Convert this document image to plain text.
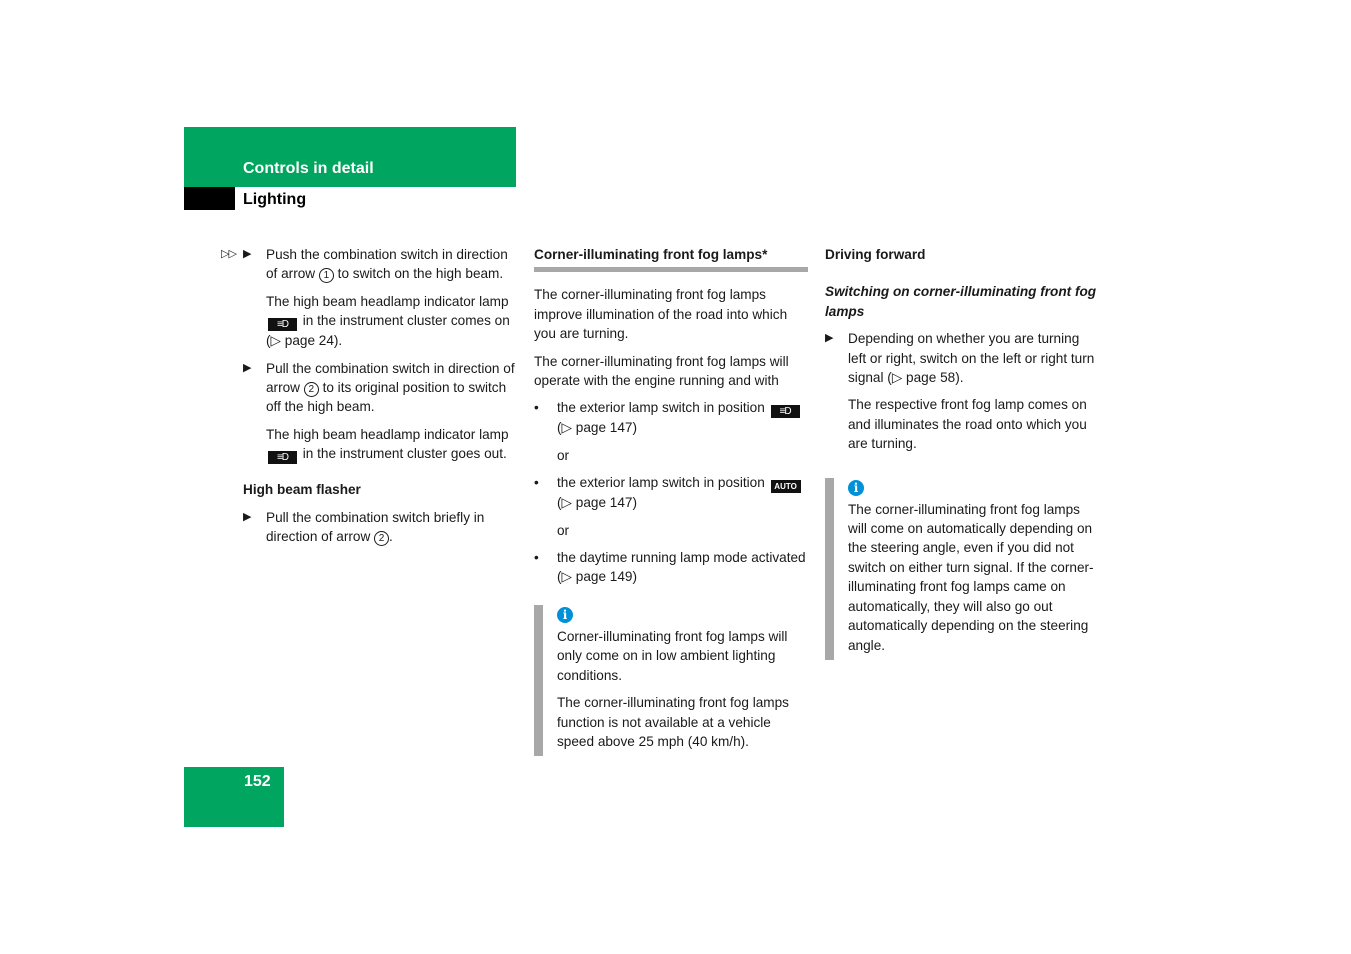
Controls in detail
Lighting
▷▷ ▶ Push the combination switch in direction of arrow 1 to switch on the high beam.
The high beam headlamp indicator lamp ≡D in the instrument cluster comes on (▷ page 24).
▶ Pull the combination switch in direction of arrow 2 to its original position to switch off the high beam.
The high beam headlamp indicator lamp ≡D in the instrument cluster goes out.
High beam flasher
▶ Pull the combination switch briefly in direction of arrow 2 .
Corner-illuminating front fog lamps*

The corner-illuminating front fog lamps improve illumination of the road into which you are turning.

The corner-illuminating front fog lamps will operate with the engine running and with

• the exterior lamp switch in position ≡D (▷ page 147)
or
• the exterior lamp switch in position AUTO (▷ page 147)
or
• the daytime running lamp mode activated (▷ page 149)
i

Corner-illuminating front fog lamps will only come on in low ambient lighting conditions.

The corner-illuminating front fog lamps function is not available at a vehicle speed above 25 mph (40 km/h).

Driving forward
Switching on corner-illuminating front fog lamps
▶ Depending on whether you are turning left or right, switch on the left or right turn signal (▷ page 58).
The respective front fog lamp comes on and illuminates the road onto which you are turning.
i

The corner-illuminating front fog lamps will come on automatically depending on the steering angle, even if you did not switch on either turn signal. If the corner-illuminating front fog lamps came on automatically, they will also go out automatically depending on the steering angle.

152
